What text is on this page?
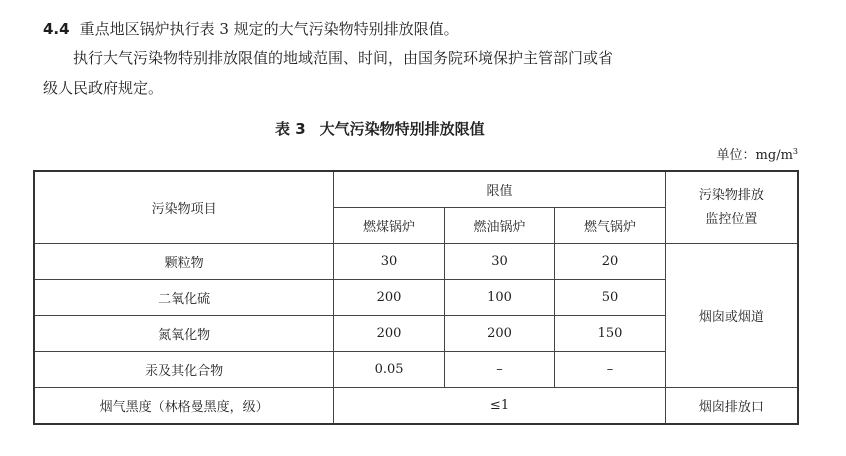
4.4 重点地区锅炉执行表 3 规定的大气污染物特别排放限值。
执行大气污染物特别排放限值的地域范围、时间，由国务院环境保护主管部门或省
级人民政府规定。
表 3 大气污染物特别排放限值
单位：$mg/m^3$
污染物项目	限值			污染物排放
监控位置
	燃煤锅炉	燃油锅炉	燃气锅炉	
颗粒物	30	30	20	烟囱或烟道
二氧化硫	200	100	50	
氮氧化物	200	200	150	
汞及其化合物	0.05	–	–	
烟气黑度（林格曼黑度，级）	≤1			烟囱排放口
